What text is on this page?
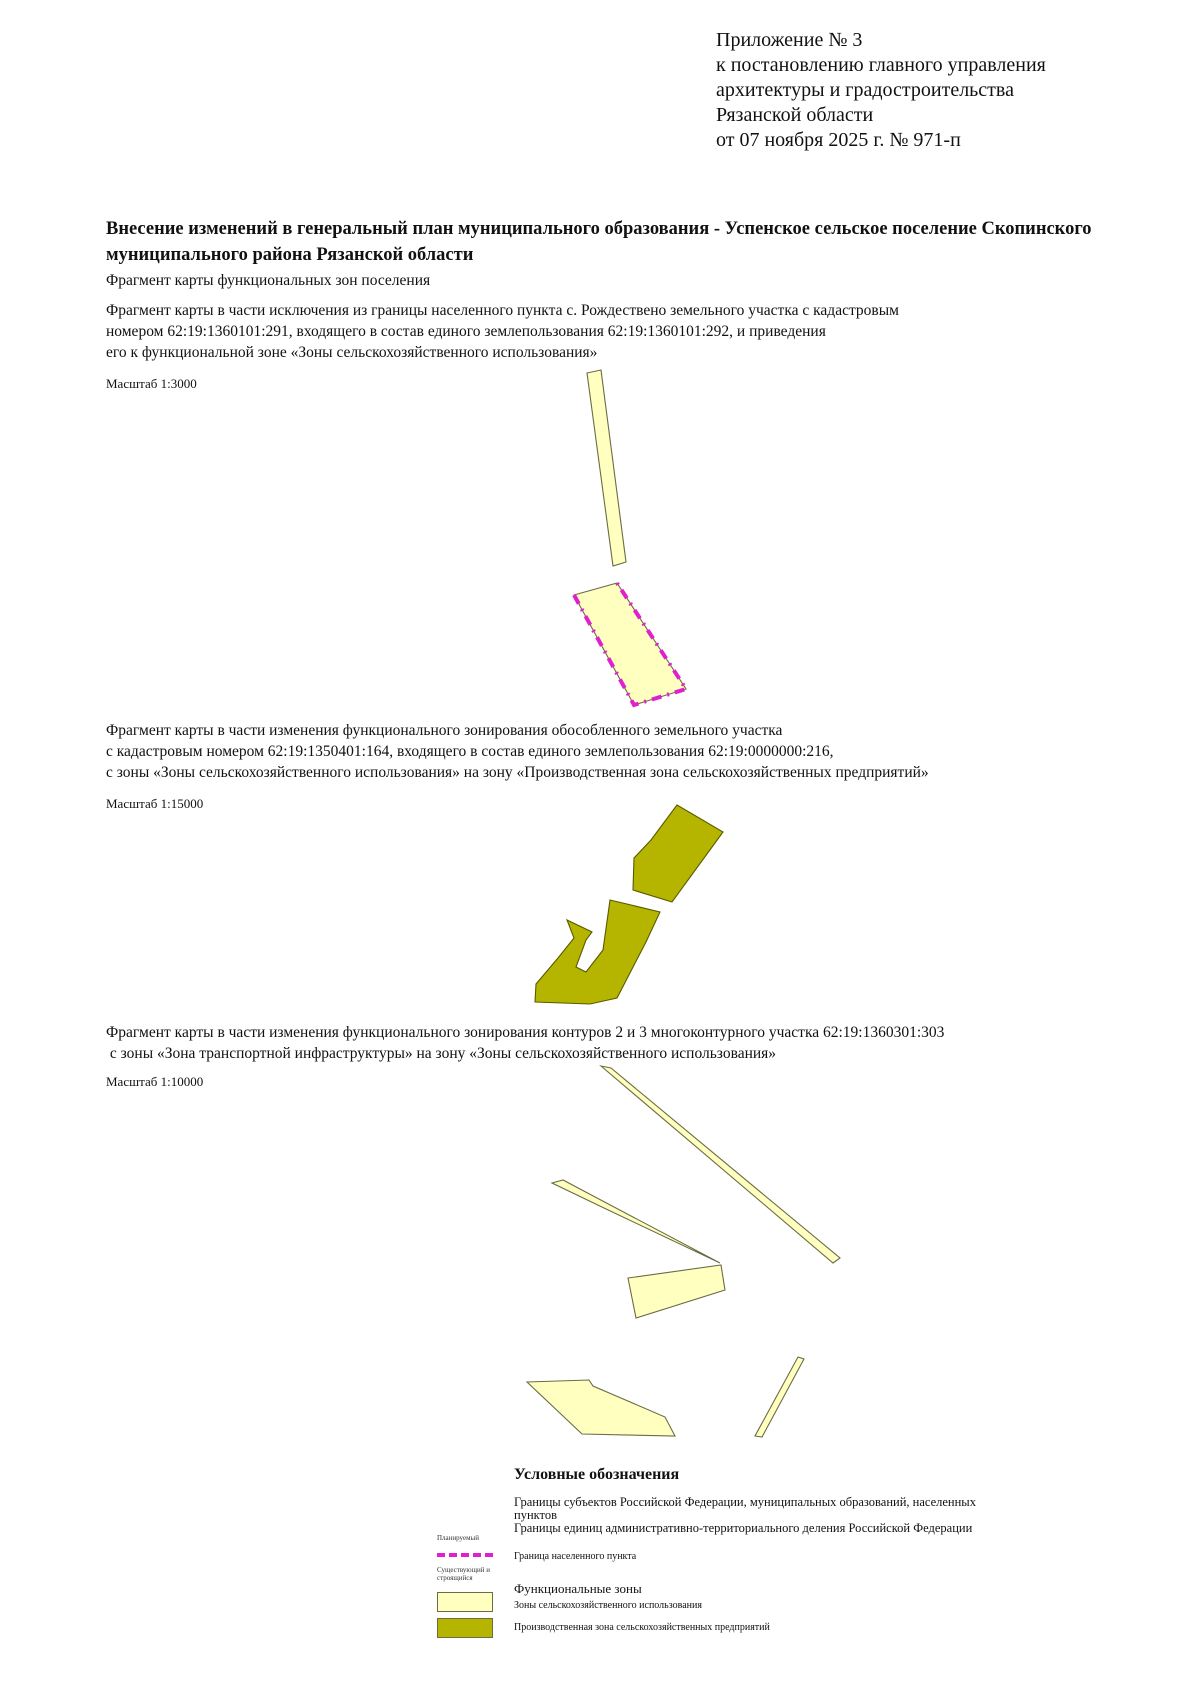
Приложение № 3
к постановлению главного управления
архитектуры и градостроительства
Рязанской области
от 07 ноября 2025 г. № 971-п
Внесение изменений в генеральный план муниципального образования - Успенское сельское поселение Скопинского муниципального района Рязанской области
Фрагмент карты функциональных зон поселения
Фрагмент карты в части исключения из границы населенного пункта с. Рождествено земельного участка с кадастровым
номером 62:19:1360101:291, входящего в состав единого землепользования 62:19:1360101:292, и приведения
его к функциональной зоне «Зоны сельскохозяйственного использования»
Масштаб 1:3000
Фрагмент карты в части изменения функционального зонирования обособленного земельного участка
с кадастровым номером 62:19:1350401:164, входящего в состав единого землепользования 62:19:0000000:216,
с зоны «Зоны сельскохозяйственного использования» на зону «Производственная зона сельскохозяйственных предприятий»
Масштаб 1:15000
Фрагмент карты в части изменения функционального зонирования контуров 2 и 3 многоконтурного участка 62:19:1360301:303
с зоны «Зона транспортной инфраструктуры» на зону «Зоны сельскохозяйственного использования»
Масштаб 1:10000
Условные обозначения
Границы субъектов Российской Федерации, муниципальных образований, населенных пунктов
Границы единиц административно-территориального деления Российской Федерации
Планируемый
Граница населенного пункта
Существующий и строящийся
Функциональные зоны
Зоны сельскохозяйственного использования
Производственная зона сельскохозяйственных предприятий
